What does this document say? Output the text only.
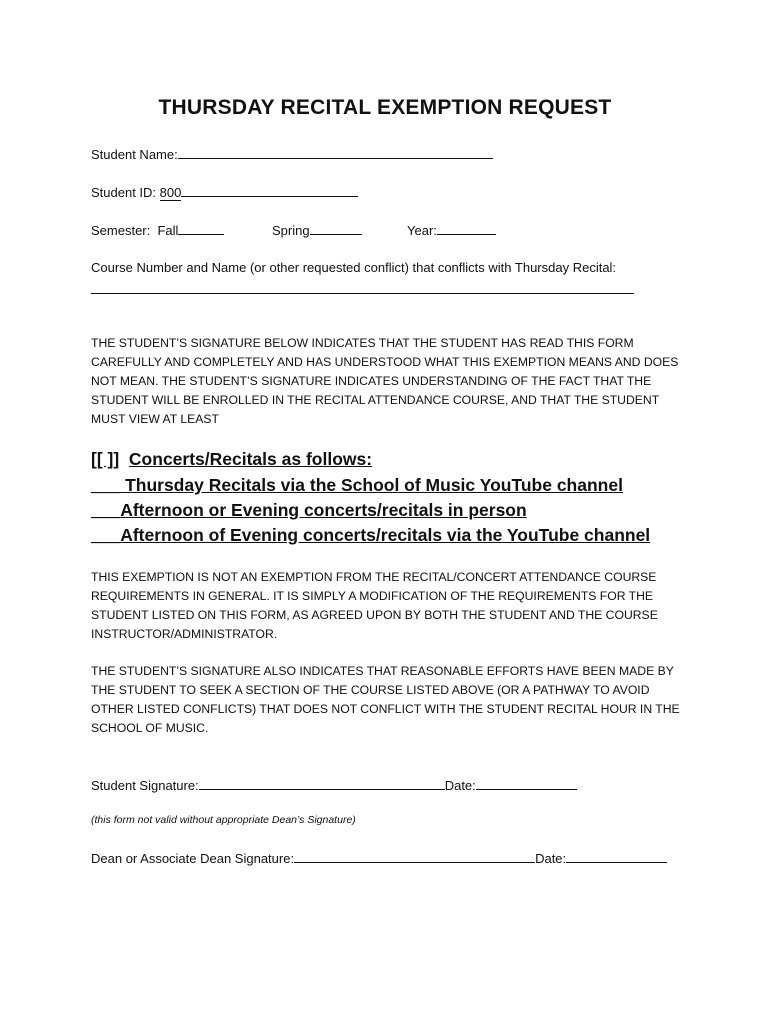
THURSDAY RECITAL EXEMPTION REQUEST
Student Name:
Student ID: 800
Semester: Fall	Spring	Year:
Course Number and Name (or other requested conflict) that conflicts with Thursday Recital:

THE STUDENT’S SIGNATURE BELOW INDICATES THAT THE STUDENT HAS READ THIS FORM CAREFULLY AND COMPLETELY AND HAS UNDERSTOOD WHAT THIS EXEMPTION MEANS AND DOES NOT MEAN. THE STUDENT’S SIGNATURE INDICATES UNDERSTANDING OF THE FACT THAT THE STUDENT WILL BE ENROLLED IN THE RECITAL ATTENDANCE COURSE, AND THAT THE STUDENT MUST VIEW AT LEAST

[[ ]] Concerts/Recitals as follows:
___ Thursday Recitals via the School of Music YouTube channel
___Afternoon or Evening concerts/recitals in person
___Afternoon of Evening concerts/recitals via the YouTube channel

THIS EXEMPTION IS NOT AN EXEMPTION FROM THE RECITAL/CONCERT ATTENDANCE COURSE REQUIREMENTS IN GENERAL. IT IS SIMPLY A MODIFICATION OF THE REQUIREMENTS FOR THE STUDENT LISTED ON THIS FORM, AS AGREED UPON BY BOTH THE STUDENT AND THE COURSE INSTRUCTOR/ADMINISTRATOR.

THE STUDENT’S SIGNATURE ALSO INDICATES THAT REASONABLE EFFORTS HAVE BEEN MADE BY THE STUDENT TO SEEK A SECTION OF THE COURSE LISTED ABOVE (OR A PATHWAY TO AVOID OTHER LISTED CONFLICTS) THAT DOES NOT CONFLICT WITH THE STUDENT RECITAL HOUR IN THE SCHOOL OF MUSIC.

Student Signature:	Date:
(this form not valid without appropriate Dean’s Signature)
Dean or Associate Dean Signature:	Date:
